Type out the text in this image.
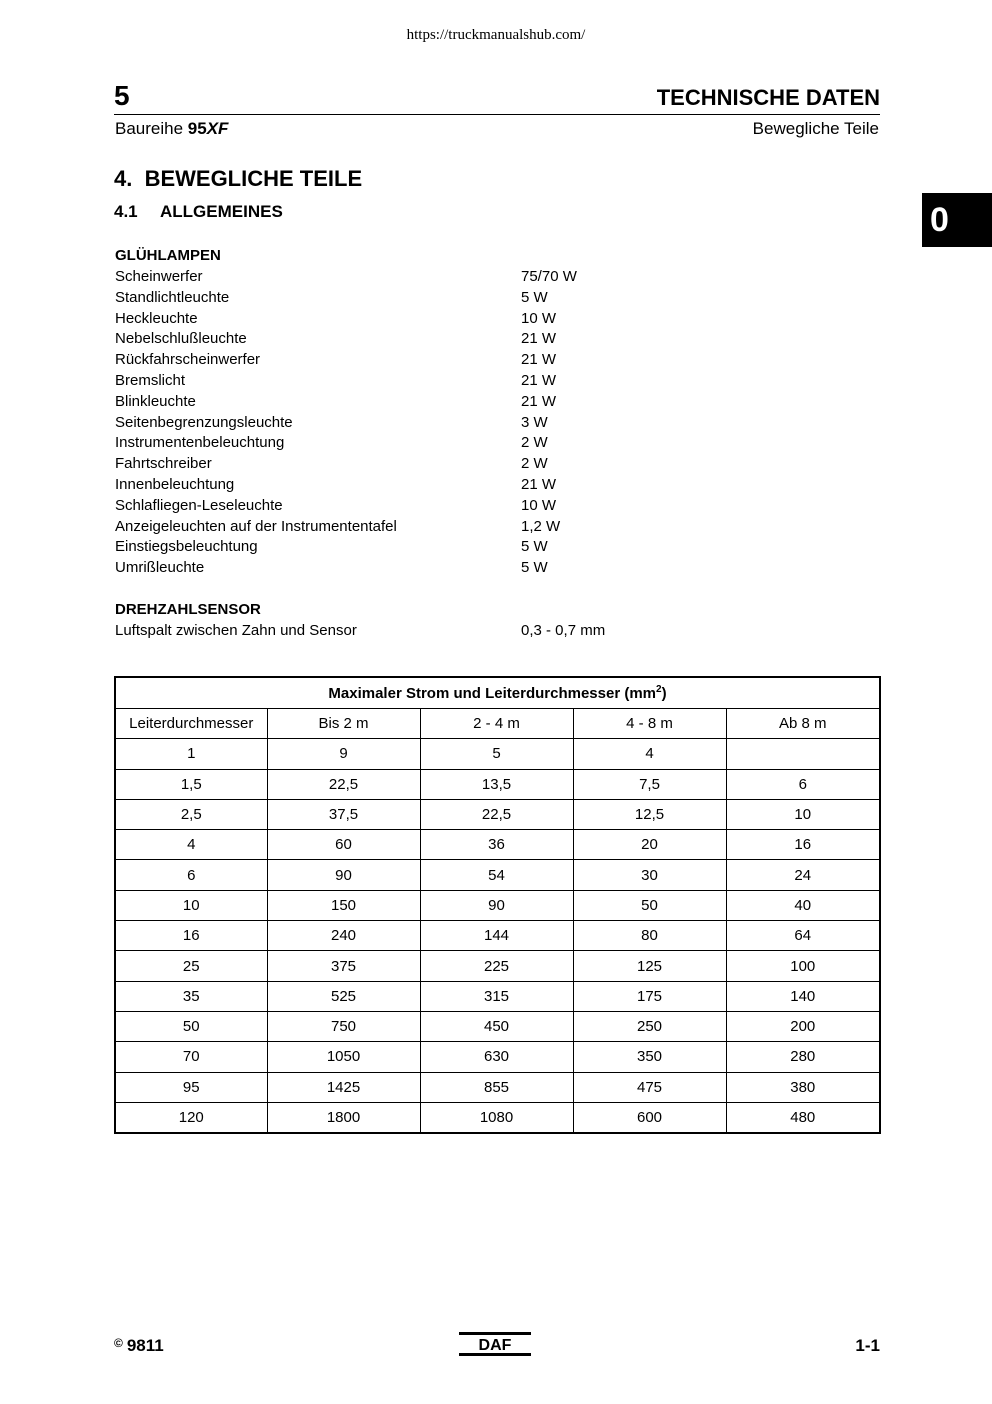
https://truckmanualshub.com/
5	TECHNISCHE DATEN
Baureihe 95XF	Bewegliche Teile
0
4.  BEWEGLICHE TEILE
4.1 ALLGEMEINES
GLÜHLAMPEN
Scheinwerfer	75/70 W
Standlichtleuchte	5 W
Heckleuchte	10 W
Nebelschlußleuchte	21 W
Rückfahrscheinwerfer	21 W
Bremslicht	21 W
Blinkleuchte	21 W
Seitenbegrenzungsleuchte	3 W
Instrumentenbeleuchtung	2 W
Fahrtschreiber	2 W
Innenbeleuchtung	21 W
Schlafliegen-Leseleuchte	10 W
Anzeigeleuchten auf der Instrumententafel	1,2 W
Einstiegsbeleuchtung	5 W
Umrißleuchte	5 W
DREHZAHLSENSOR
Luftspalt zwischen Zahn und Sensor	0,3 - 0,7 mm
Maximaler Strom und Leiterdurchmesser $(mm^2)$				
Leiterdurchmesser	Bis 2 m	2 - 4 m	4 - 8 m	Ab 8 m
1	9	5	4	
1,5	22,5	13,5	7,5	6
2,5	37,5	22,5	12,5	10
4	60	36	20	16
6	90	54	30	24
10	150	90	50	40
16	240	144	80	64
25	375	225	125	100
35	525	315	175	140
50	750	450	250	200
70	1050	630	350	280
95	1425	855	475	380
120	1800	1080	600	480
© 9811	DAF	1-1
